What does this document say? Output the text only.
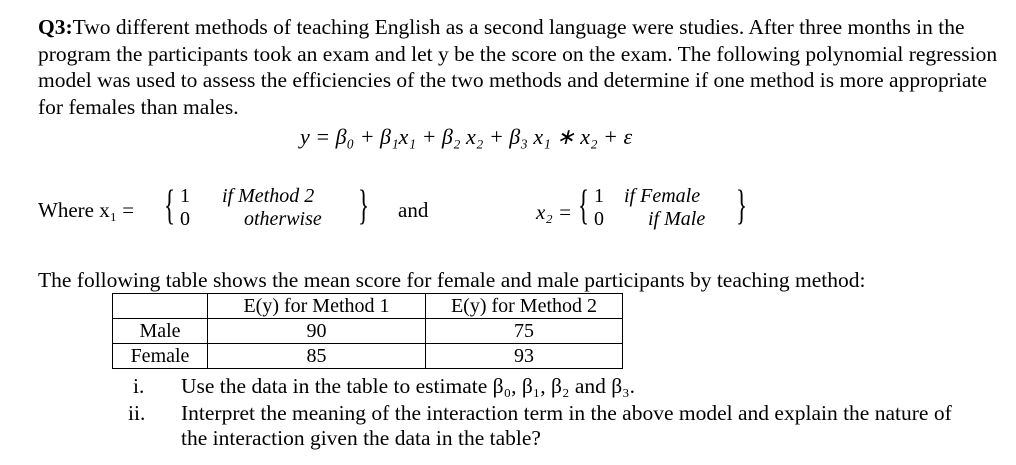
Q3:Two different methods of teaching English as a second language were studies. After three months in the program the participants took an exam and let y be the score on the exam. The following polynomial regression model was used to assess the efficiencies of the two methods and determine if one method is more appropriate for females than males.

y = β₀ + β₁x₁ + β₂ x₂ + β₃ x₁ ∗ x₂ + ε
Where x₁ = { 1
0
if Method 2
otherwise } and	x₂ = { 1
0
if Female
if Male }
The following table shows the mean score for female and male participants by teaching method:
	E(y) for Method 1	E(y) for Method 2
Male	90	75
Female	85	93
i. Use the data in the table to estimate β₀, β₁, β₂ and β₃.
ii. Interpret the meaning of the interaction term in the above model and explain the nature of the interaction given the data in the table?
